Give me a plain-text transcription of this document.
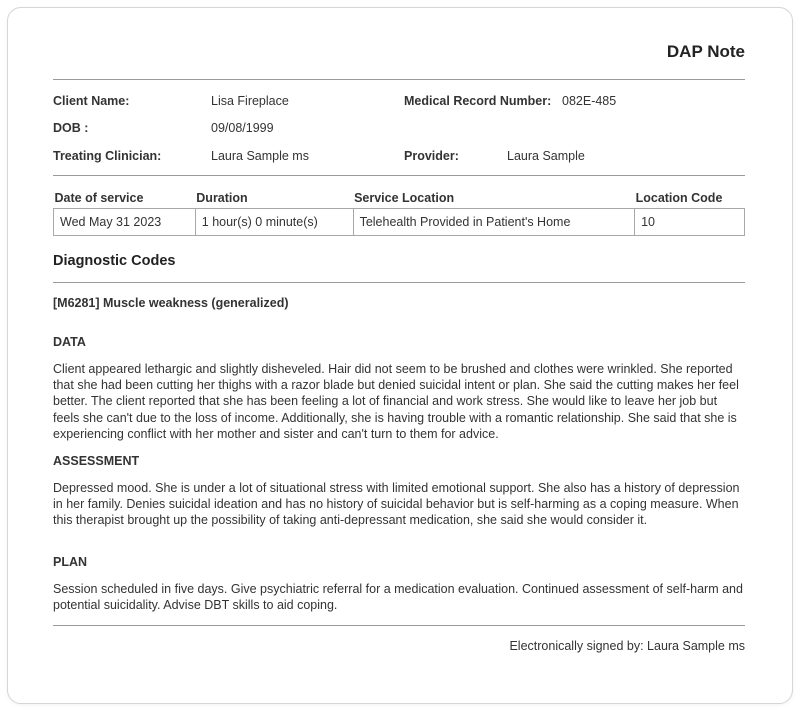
DAP Note
Client Name:	Lisa Fireplace	Medical Record Number: 082E-485
DOB :	09/08/1999
Treating Clinician:	Laura Sample ms	Provider:	Laura Sample
Date of service	Duration	Service Location	Location Code
Wed May 31 2023	1 hour(s) 0 minute(s)	Telehealth Provided in Patient's Home	10
Diagnostic Codes
[M6281] Muscle weakness (generalized)
DATA
Client appeared lethargic and slightly disheveled. Hair did not seem to be brushed and clothes were wrinkled. She reported that she had been cutting her thighs with a razor blade but denied suicidal intent or plan. She said the cutting makes her feel better. The client reported that she has been feeling a lot of financial and work stress. She would like to leave her job but feels she can't due to the loss of income. Additionally, she is having trouble with a romantic relationship. She said that she is experiencing conflict with her mother and sister and can't turn to them for advice.
ASSESSMENT
Depressed mood. She is under a lot of situational stress with limited emotional support. She also has a history of depression in her family. Denies suicidal ideation and has no history of suicidal behavior but is self-harming as a coping measure. When this therapist brought up the possibility of taking anti-depressant medication, she said she would consider it.
PLAN
Session scheduled in five days. Give psychiatric referral for a medication evaluation. Continued assessment of self-harm and potential suicidality. Advise DBT skills to aid coping.
Electronically signed by: Laura Sample ms
